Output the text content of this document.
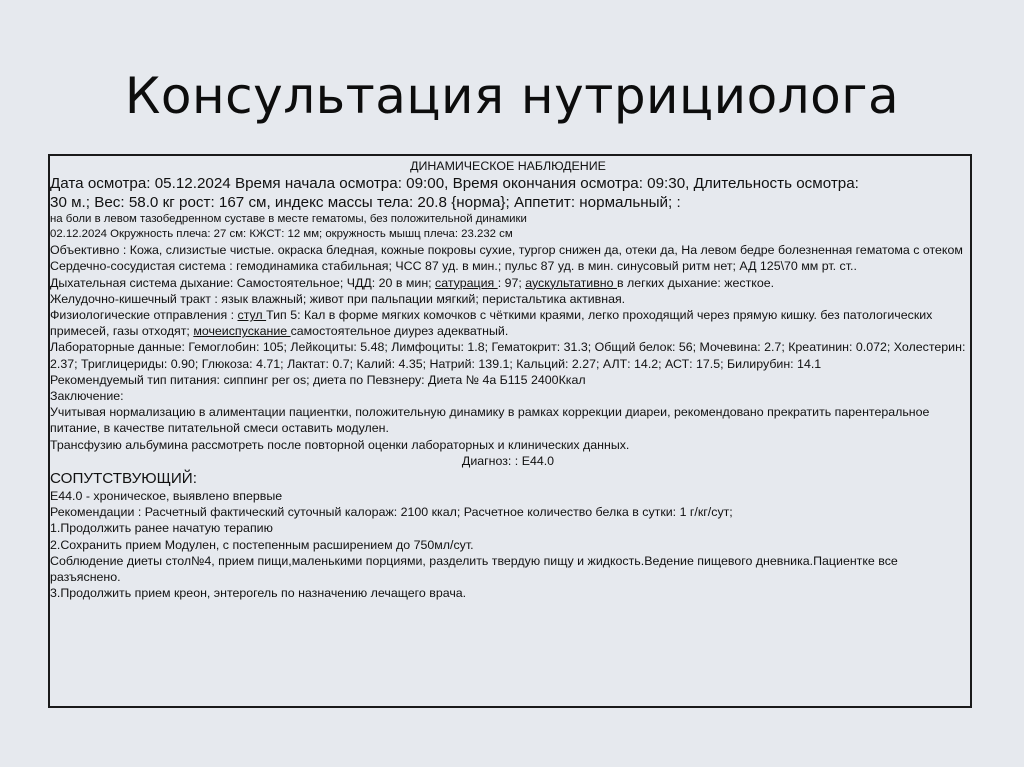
Консультация нутрициолога
ДИНАМИЧЕСКОЕ НАБЛЮДЕНИЕ
Дата осмотра: 05.12.2024 Время начала осмотра: 09:00, Время окончания осмотра: 09:30, Длительность осмотра:
30 м.; Вес: 58.0 кг рост: 167 см, индекс массы тела: 20.8 {норма}; Аппетит: нормальный; :
на боли в левом тазобедренном суставе в месте гематомы, без положительной динамики
02.12.2024 Окружность плеча: 27 см: КЖСТ: 12 мм; окружность мышц плеча: 23.232 см
Объективно : Кожа, слизистые чистые. окраска бледная, кожные покровы сухие, тургор снижен да, отеки да, На левом бедре болезненная гематома с отеком
Сердечно-сосудистая система : гемодинамика стабильная; ЧСС 87 уд. в мин.; пульс 87 уд. в мин. синусовый ритм нет; АД 125\70 мм рт. ст..
Дыхательная система дыхание: Самостоятельное; ЧДД: 20 в мин; сатурация : 97; аускультативно в легких дыхание: жесткое.
Желудочно-кишечный тракт : язык влажный; живот при пальпации мягкий; перистальтика активная.
Физиологические отправления : стул Тип 5: Кал в форме мягких комочков с чёткими краями, легко проходящий через прямую кишку. без патологических примесей, газы отходят; мочеиспускание самостоятельное диурез адекватный.
Лабораторные данные: Гемоглобин: 105; Лейкоциты: 5.48; Лимфоциты: 1.8; Гематокрит: 31.3; Общий белок: 56; Мочевина: 2.7; Креатинин: 0.072; Холестерин: 2.37; Триглицериды: 0.90; Глюкоза: 4.71; Лактат: 0.7; Калий: 4.35; Натрий: 139.1; Кальций: 2.27; АЛТ: 14.2; АСТ: 17.5; Билирубин: 14.1
Рекомендуемый тип питания: сиппинг per os; диета по Певзнеру: Диета № 4а Б115 2400Ккал
Заключение:
Учитывая нормализацию в алиментации пациентки, положительную динамику в рамках коррекции диареи, рекомендовано прекратить парентеральное питание, в качестве питательной смеси оставить модулен.
Трансфузию альбумина рассмотреть после повторной оценки лабораторных и клинических данных.
Диагноз: : Е44.0
СОПУТСТВУЮЩИЙ:
Е44.0 - хроническое, выявлено впервые
Рекомендации : Расчетный фактический суточный калораж: 2100 ккал; Расчетное количество белка в сутки: 1 г/кг/сут;
1.Продолжить ранее начатую терапию
2.Сохранить прием Модулен, с постепенным расширением до 750мл/сут.
Соблюдение диеты стол№4, прием пищи,маленькими порциями, разделить твердую пищу и жидкость.Ведение пищевого дневника.Пациентке все разъяснено.
3.Продолжить прием креон, энтерогель по назначению лечащего врача.
